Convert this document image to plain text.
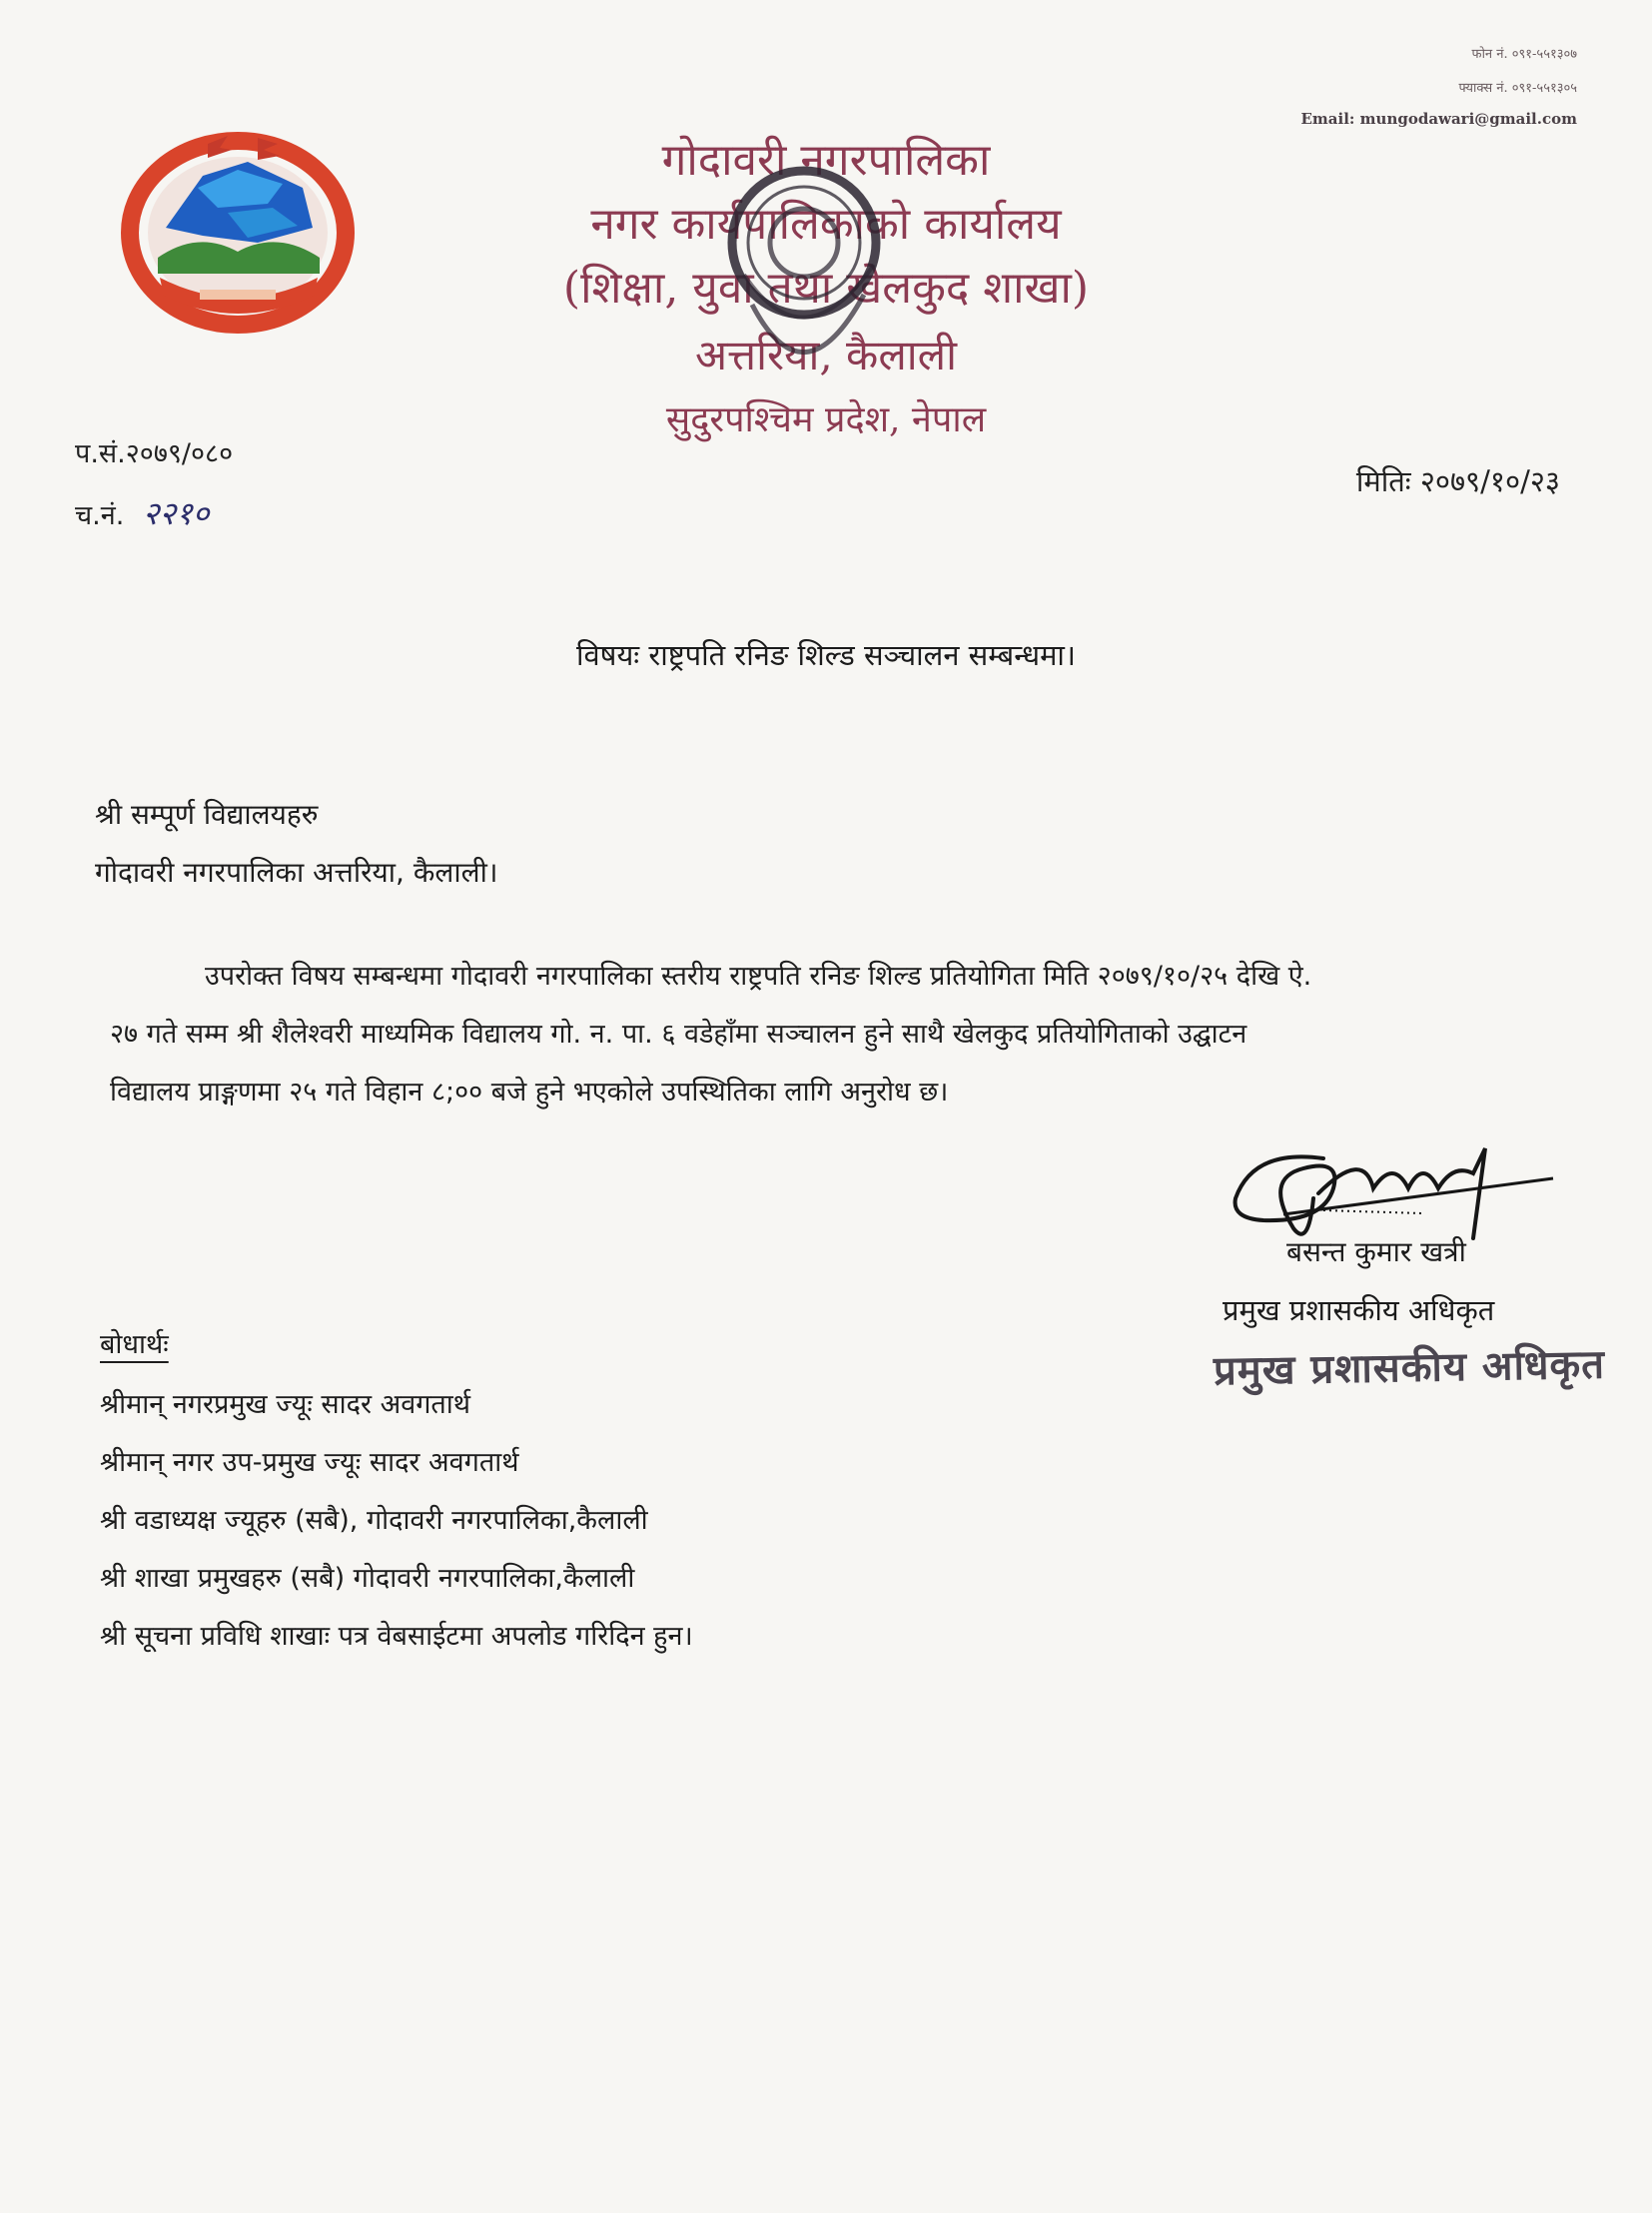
फोन नं. ०९१-५५१३०७
फ्याक्स नं. ०९१-५५१३०५
Email: mungodawari@gmail.com
गोदावरी नगरपालिका
नगर कार्यपालिकाको कार्यालय
(शिक्षा, युवा तथा खेलकुद शाखा)
अत्तरिया, कैलाली
सुदुरपश्चिम प्रदेश, नेपाल
प.सं.२०७९/०८०
च.नं. २२१०
मितिः २०७९/१०/२३
विषयः राष्ट्रपति रनिङ शिल्ड सञ्चालन सम्बन्धमा।
श्री सम्पूर्ण विद्यालयहरु
गोदावरी नगरपालिका अत्तरिया, कैलाली।
उपरोक्त विषय सम्बन्धमा गोदावरी नगरपालिका स्तरीय राष्ट्रपति रनिङ शिल्ड प्रतियोगिता मिति २०७९/१०/२५ देखि ऐ.
२७ गते सम्म श्री शैलेश्वरी माध्यमिक विद्यालय गो. न. पा. ६ वडेहाँमा सञ्चालन हुने साथै खेलकुद प्रतियोगिताको उद्घाटन
विद्यालय प्राङ्गणमा २५ गते विहान ८;०० बजे हुने भएकोले उपस्थितिका लागि अनुरोध छ।
बसन्त कुमार खत्री
प्रमुख प्रशासकीय अधिकृत
प्रमुख प्रशासकीय अधिकृत
बोधार्थः
श्रीमान् नगरप्रमुख ज्यूः सादर अवगतार्थ
श्रीमान् नगर उप-प्रमुख ज्यूः सादर अवगतार्थ
श्री वडाध्यक्ष ज्यूहरु (सबै), गोदावरी नगरपालिका,कैलाली
श्री शाखा प्रमुखहरु (सबै) गोदावरी नगरपालिका,कैलाली
श्री सूचना प्रविधि शाखाः पत्र वेबसाईटमा अपलोड गरिदिन हुन।
